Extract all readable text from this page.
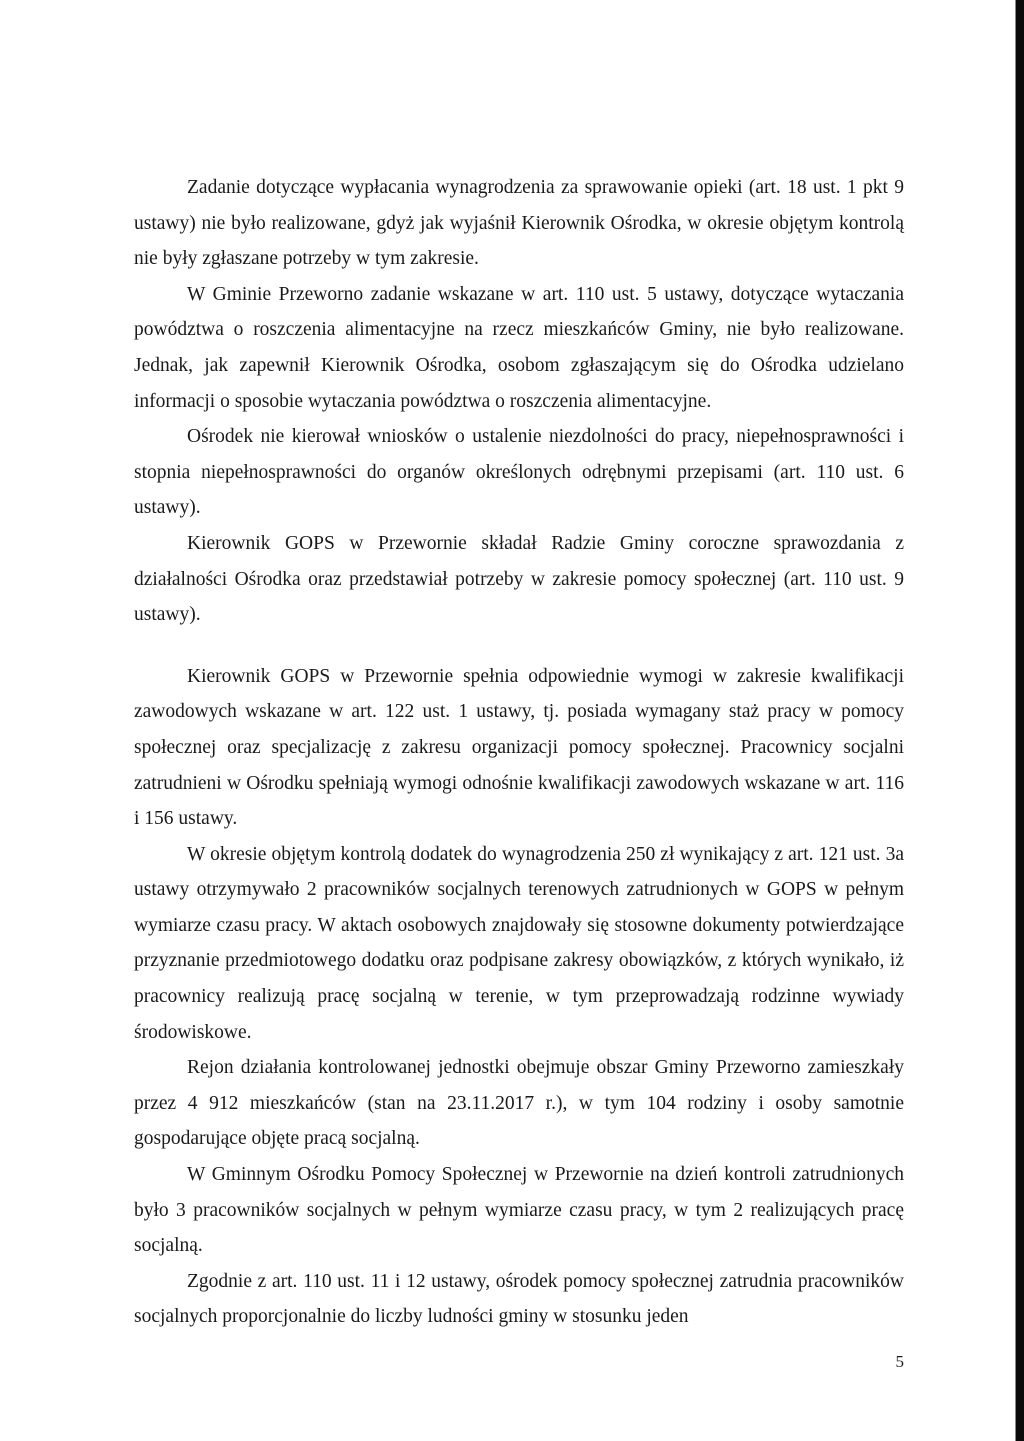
Zadanie dotyczące wypłacania wynagrodzenia za sprawowanie opieki (art. 18 ust. 1 pkt 9 ustawy) nie było realizowane, gdyż jak wyjaśnił Kierownik Ośrodka, w okresie objętym kontrolą nie były zgłaszane potrzeby w tym zakresie.

W Gminie Przeworno zadanie wskazane w art. 110 ust. 5 ustawy, dotyczące wytaczania powództwa o roszczenia alimentacyjne na rzecz mieszkańców Gminy, nie było realizowane. Jednak, jak zapewnił Kierownik Ośrodka, osobom zgłaszającym się do Ośrodka udzielano informacji o sposobie wytaczania powództwa o roszczenia alimentacyjne.

Ośrodek nie kierował wniosków o ustalenie niezdolności do pracy, niepełnosprawności i stopnia niepełnosprawności do organów określonych odrębnymi przepisami (art. 110 ust. 6 ustawy).

Kierownik GOPS w Przewornie składał Radzie Gminy coroczne sprawozdania z działalności Ośrodka oraz przedstawiał potrzeby w zakresie pomocy społecznej (art. 110 ust. 9 ustawy).

Kierownik GOPS w Przewornie spełnia odpowiednie wymogi w zakresie kwalifikacji zawodowych wskazane w art. 122 ust. 1 ustawy, tj. posiada wymagany staż pracy w pomocy społecznej oraz specjalizację z zakresu organizacji pomocy społecznej. Pracownicy socjalni zatrudnieni w Ośrodku spełniają wymogi odnośnie kwalifikacji zawodowych wskazane w art. 116 i 156 ustawy.

W okresie objętym kontrolą dodatek do wynagrodzenia 250 zł wynikający z art. 121 ust. 3a ustawy otrzymywało 2 pracowników socjalnych terenowych zatrudnionych w GOPS w pełnym wymiarze czasu pracy. W aktach osobowych znajdowały się stosowne dokumenty potwierdzające przyznanie przedmiotowego dodatku oraz podpisane zakresy obowiązków, z których wynikało, iż pracownicy realizują pracę socjalną w terenie, w tym przeprowadzają rodzinne wywiady środowiskowe.

Rejon działania kontrolowanej jednostki obejmuje obszar Gminy Przeworno zamieszkały przez 4 912 mieszkańców (stan na 23.11.2017 r.), w tym 104 rodziny i osoby samotnie gospodarujące objęte pracą socjalną.

W Gminnym Ośrodku Pomocy Społecznej w Przewornie na dzień kontroli zatrudnionych było 3 pracowników socjalnych w pełnym wymiarze czasu pracy, w tym 2 realizujących pracę socjalną.

Zgodnie z art. 110 ust. 11 i 12 ustawy, ośrodek pomocy społecznej zatrudnia pracowników socjalnych proporcjonalnie do liczby ludności gminy w stosunku jeden

5
